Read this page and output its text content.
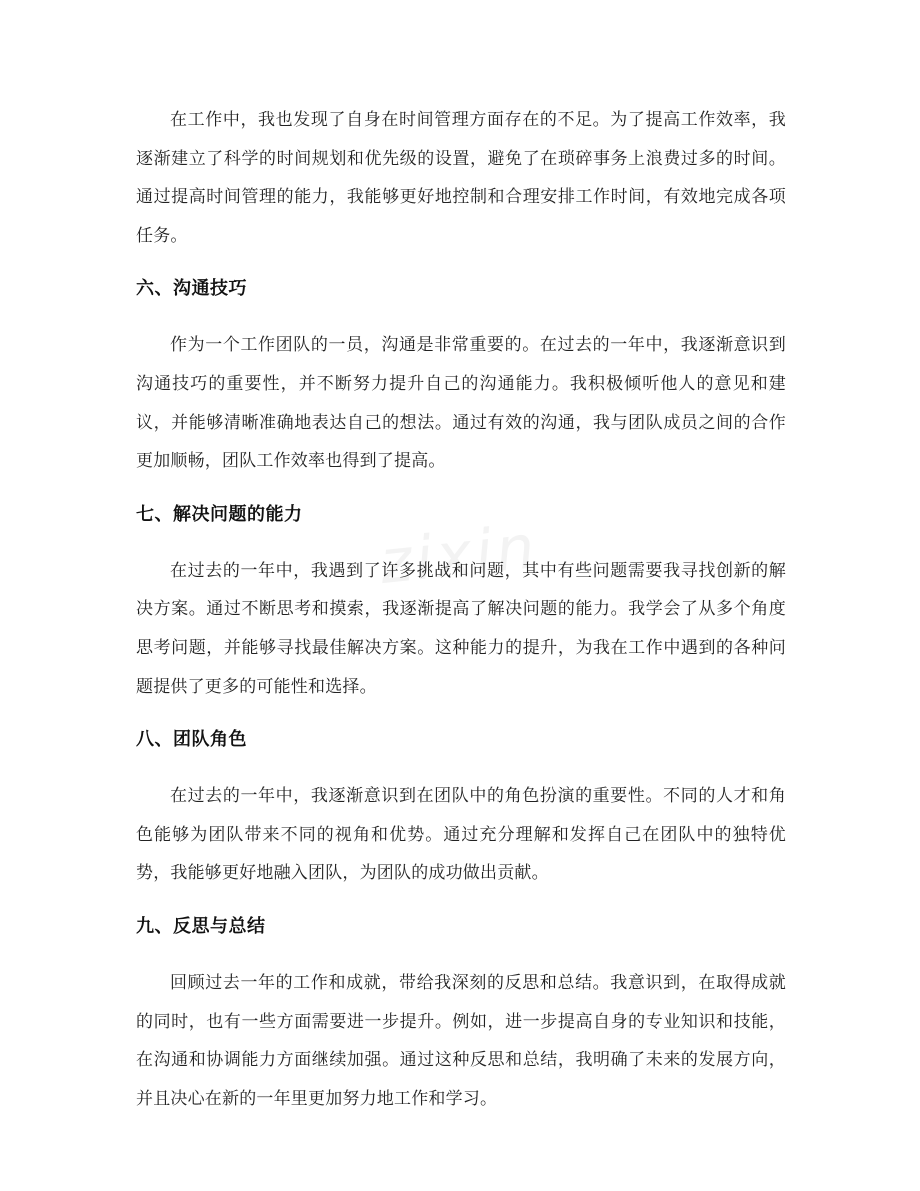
zixin

在工作中，我也发现了自身在时间管理方面存在的不足。为了提高工作效率，我逐渐建立了科学的时间规划和优先级的设置，避免了在琐碎事务上浪费过多的时间。通过提高时间管理的能力，我能够更好地控制和合理安排工作时间，有效地完成各项任务。

六、沟通技巧

作为一个工作团队的一员，沟通是非常重要的。在过去的一年中，我逐渐意识到沟通技巧的重要性，并不断努力提升自己的沟通能力。我积极倾听他人的意见和建议，并能够清晰准确地表达自己的想法。通过有效的沟通，我与团队成员之间的合作更加顺畅，团队工作效率也得到了提高。

七、解决问题的能力

在过去的一年中，我遇到了许多挑战和问题，其中有些问题需要我寻找创新的解决方案。通过不断思考和摸索，我逐渐提高了解决问题的能力。我学会了从多个角度思考问题，并能够寻找最佳解决方案。这种能力的提升，为我在工作中遇到的各种问题提供了更多的可能性和选择。

八、团队角色

在过去的一年中，我逐渐意识到在团队中的角色扮演的重要性。不同的人才和角色能够为团队带来不同的视角和优势。通过充分理解和发挥自己在团队中的独特优势，我能够更好地融入团队，为团队的成功做出贡献。

九、反思与总结

回顾过去一年的工作和成就，带给我深刻的反思和总结。我意识到，在取得成就的同时，也有一些方面需要进一步提升。例如，进一步提高自身的专业知识和技能，在沟通和协调能力方面继续加强。通过这种反思和总结，我明确了未来的发展方向，并且决心在新的一年里更加努力地工作和学习。
